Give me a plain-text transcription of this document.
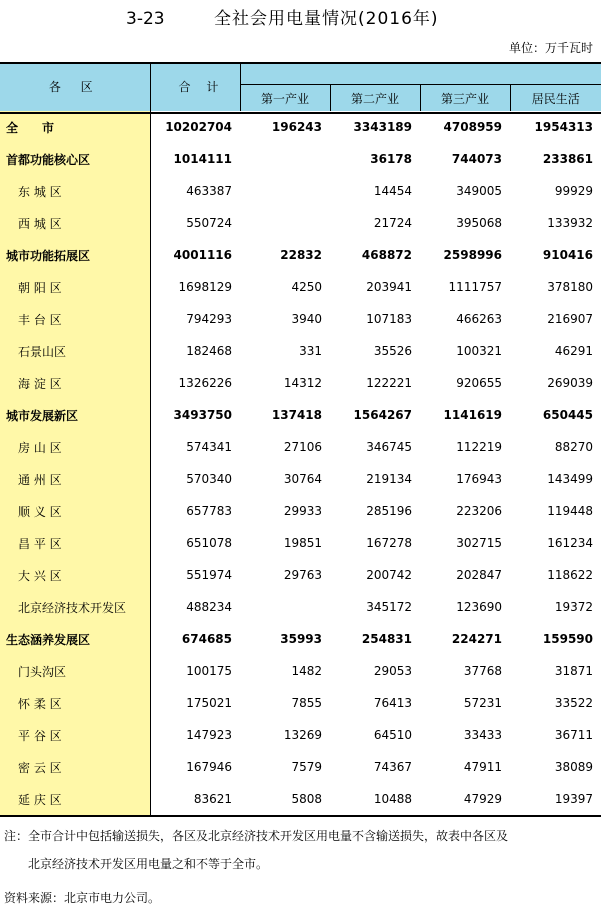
3-23	全社会用电量情况(2016年)
单位：万千瓦时
各 区	合 计				
		第一产业	第二产业	第三产业	居民生活
全　　市	10202704	196243	3343189	4708959	1954313
首都功能核心区	1014111		36178	744073	233861
东 城 区	463387		14454	349005	99929
西 城 区	550724		21724	395068	133932
城市功能拓展区	4001116	22832	468872	2598996	910416
朝 阳 区	1698129	4250	203941	1111757	378180
丰 台 区	794293	3940	107183	466263	216907
石景山区	182468	331	35526	100321	46291
海 淀 区	1326226	14312	122221	920655	269039
城市发展新区	3493750	137418	1564267	1141619	650445
房 山 区	574341	27106	346745	112219	88270
通 州 区	570340	30764	219134	176943	143499
顺 义 区	657783	29933	285196	223206	119448
昌 平 区	651078	19851	167278	302715	161234
大 兴 区	551974	29763	200742	202847	118622
北京经济技术开发区	488234		345172	123690	19372
生态涵养发展区	674685	35993	254831	224271	159590
门头沟区	100175	1482	29053	37768	31871
怀 柔 区	175021	7855	76413	57231	33522
平 谷 区	147923	13269	64510	33433	36711
密 云 区	167946	7579	74367	47911	38089
延 庆 区	83621	5808	10488	47929	19397
注：全市合计中包括输送损失，各区及北京经济技术开发区用电量不含输送损失，故表中各区及
北京经济技术开发区用电量之和不等于全市。
资料来源：北京市电力公司。
